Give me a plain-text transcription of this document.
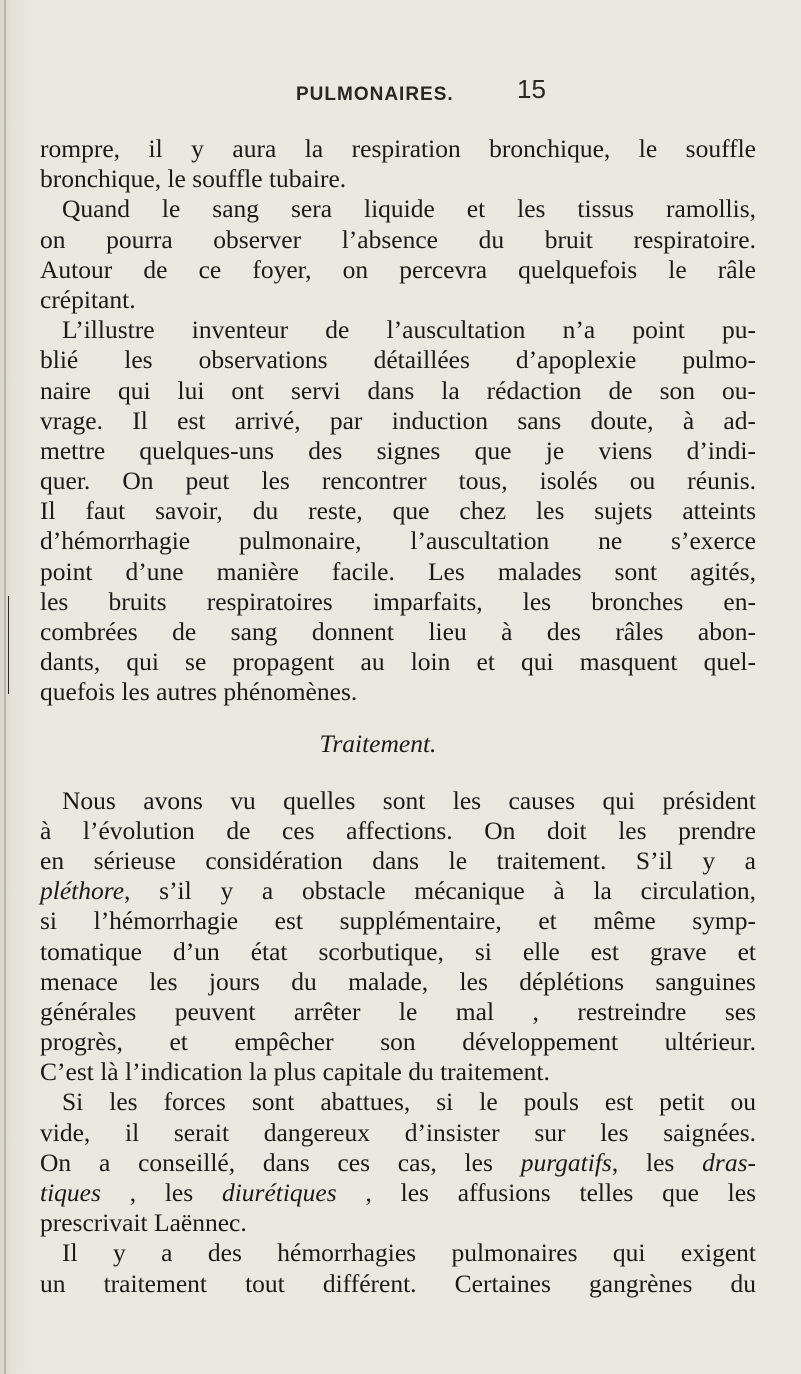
PULMONAIRES. 15
rompre, il y aura la respiration bronchique, le souffle
bronchique, le souffle tubaire.
Quand le sang sera liquide et les tissus ramollis,
on pourra observer l’absence du bruit respiratoire.
Autour de ce foyer, on percevra quelquefois le râle
crépitant.
L’illustre inventeur de l’auscultation n’a point pu-
blié les observations détaillées d’apoplexie pulmo-
naire qui lui ont servi dans la rédaction de son ou-
vrage. Il est arrivé, par induction sans doute, à ad-
mettre quelques-uns des signes que je viens d’indi-
quer. On peut les rencontrer tous, isolés ou réunis.
Il faut savoir, du reste, que chez les sujets atteints
d’hémorrhagie pulmonaire, l’auscultation ne s’exerce
point d’une manière facile. Les malades sont agités,
les bruits respiratoires imparfaits, les bronches en-
combrées de sang donnent lieu à des râles abon-
dants, qui se propagent au loin et qui masquent quel-
quefois les autres phénomènes.
Traitement.
Nous avons vu quelles sont les causes qui président
à l’évolution de ces affections. On doit les prendre
en sérieuse considération dans le traitement. S’il y a
pléthore, s’il y a obstacle mécanique à la circulation,
si l’hémorrhagie est supplémentaire, et même symp-
tomatique d’un état scorbutique, si elle est grave et
menace les jours du malade, les déplétions sanguines
générales peuvent arrêter le mal , restreindre ses
progrès, et empêcher son développement ultérieur.
C’est là l’indication la plus capitale du traitement.
Si les forces sont abattues, si le pouls est petit ou
vide, il serait dangereux d’insister sur les saignées.
On a conseillé, dans ces cas, les purgatifs, les dras-
tiques , les diurétiques , les affusions telles que les
prescrivait Laënnec.
Il y a des hémorrhagies pulmonaires qui exigent
un traitement tout différent. Certaines gangrènes du
